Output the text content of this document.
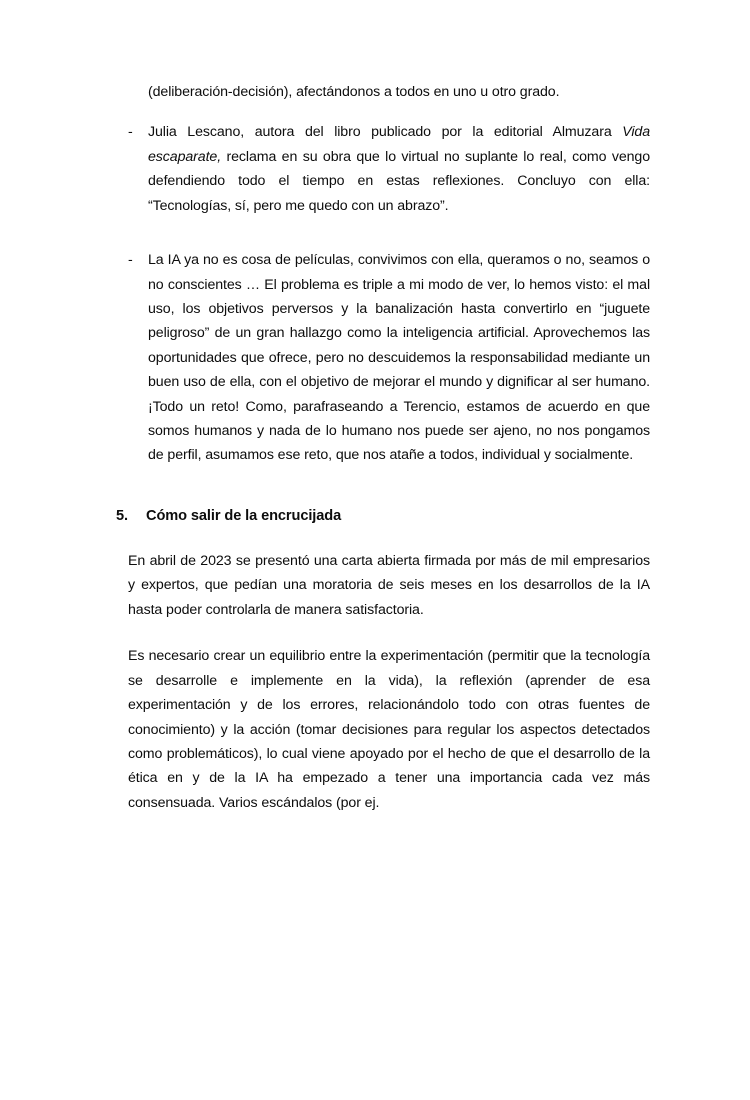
(deliberación-decisión), afectándonos a todos en uno u otro grado.

- Julia Lescano, autora del libro publicado por la editorial Almuzara Vida escaparate, reclama en su obra que lo virtual no suplante lo real, como vengo defendiendo todo el tiempo en estas reflexiones. Concluyo con ella: “Tecnologías, sí, pero me quedo con un abrazo”.
- La IA ya no es cosa de películas, convivimos con ella, queramos o no, seamos o no conscientes … El problema es triple a mi modo de ver, lo hemos visto: el mal uso, los objetivos perversos y la banalización hasta convertirlo en “juguete peligroso” de un gran hallazgo como la inteligencia artificial. Aprovechemos las oportunidades que ofrece, pero no descuidemos la responsabilidad mediante un buen uso de ella, con el objetivo de mejorar el mundo y dignificar al ser humano. ¡Todo un reto! Como, parafraseando a Terencio, estamos de acuerdo en que somos humanos y nada de lo humano nos puede ser ajeno, no nos pongamos de perfil, asumamos ese reto, que nos atañe a todos, individual y socialmente.
5.	Cómo salir de la encrucijada

En abril de 2023 se presentó una carta abierta firmada por más de mil empresarios y expertos, que pedían una moratoria de seis meses en los desarrollos de la IA hasta poder controlarla de manera satisfactoria.

Es necesario crear un equilibrio entre la experimentación (permitir que la tecnología se desarrolle e implemente en la vida), la reflexión (aprender de esa experimentación y de los errores, relacionándolo todo con otras fuentes de conocimiento) y la acción (tomar decisiones para regular los aspectos detectados como problemáticos), lo cual viene apoyado por el hecho de que el desarrollo de la ética en y de la IA ha empezado a tener una importancia cada vez más consensuada. Varios escándalos (por ej.
